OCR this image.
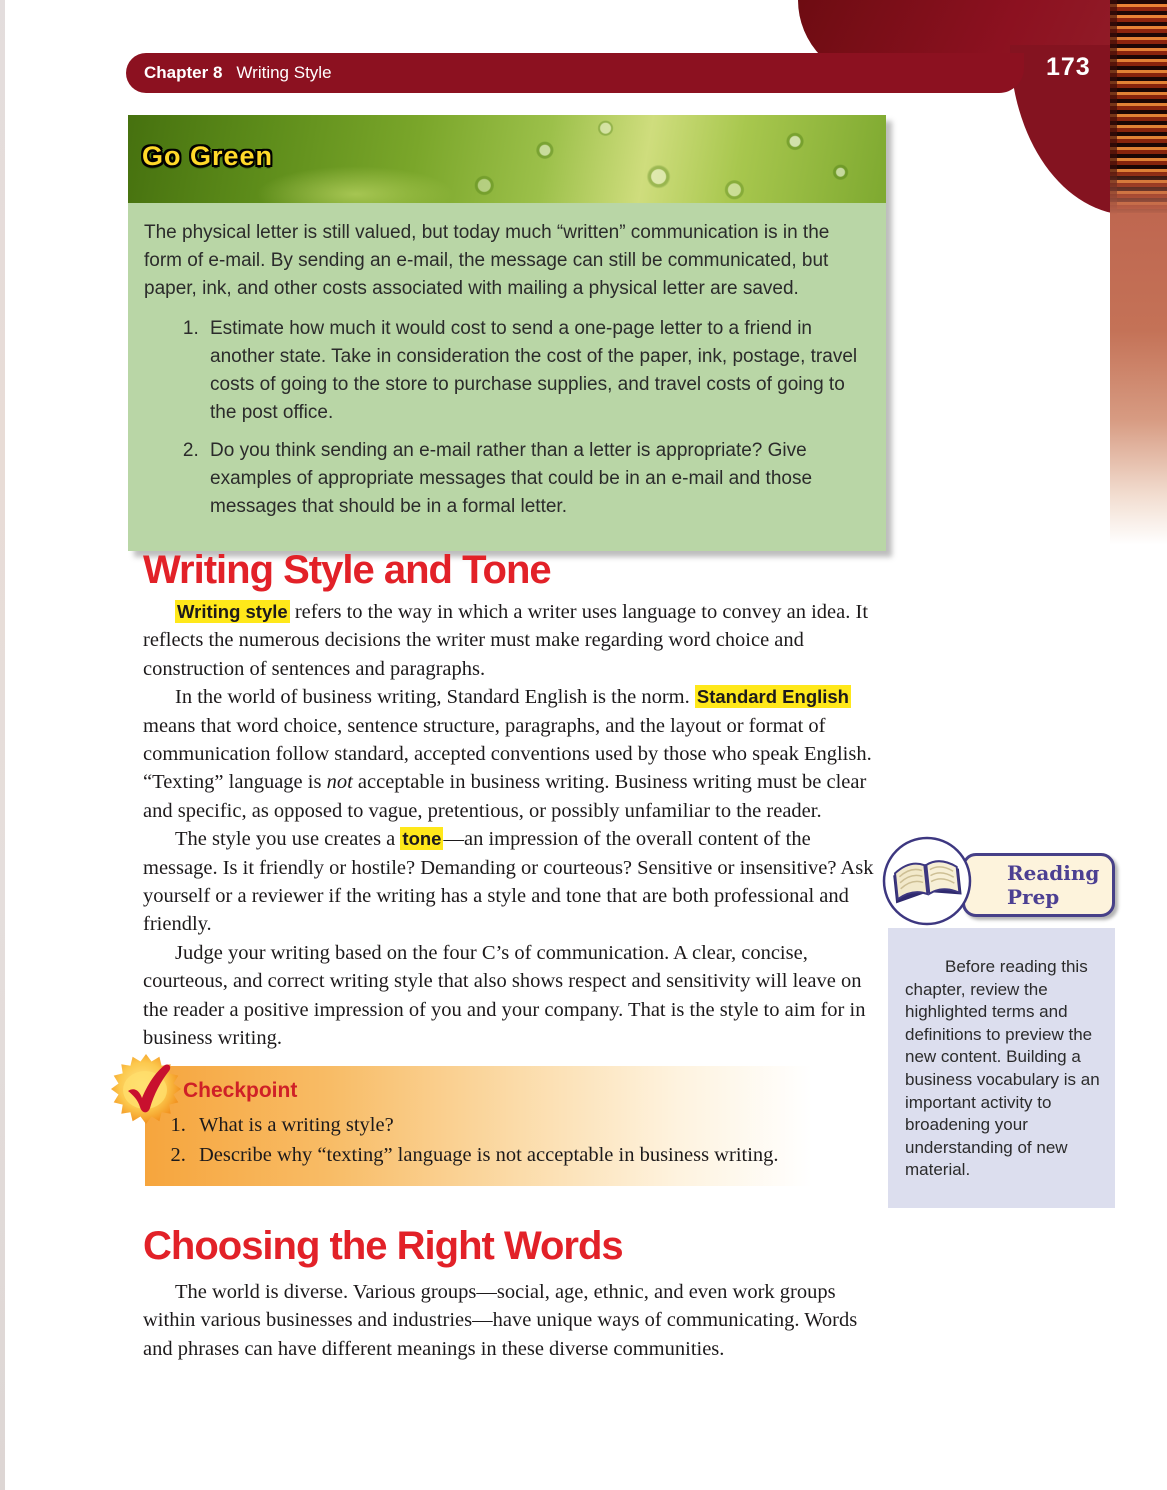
Chapter 8 Writing Style	173
Go Green

The physical letter is still valued, but today much “written” communication is in the form of e-mail. By sending an e-mail, the message can still be communicated, but paper, ink, and other costs associated with mailing a physical letter are saved.

1. Estimate how much it would cost to send a one-page letter to a friend in another state. Take in consideration the cost of the paper, ink, postage, travel costs of going to the store to purchase supplies, and travel costs of going to the post office.
2. Do you think sending an e-mail rather than a letter is appropriate? Give examples of appropriate messages that could be in an e-mail and those messages that should be in a formal letter.
Writing Style and Tone

Writing style refers to the way in which a writer uses language to convey an idea. It reflects the numerous decisions the writer must make regarding word choice and construction of sentences and paragraphs.

In the world of business writing, Standard English is the norm. Standard English means that word choice, sentence structure, paragraphs, and the layout or format of communication follow standard, accepted conventions used by those who speak English. “Texting” language is not acceptable in business writing. Business writing must be clear and specific, as opposed to vague, pretentious, or possibly unfamiliar to the reader.

The style you use creates a tone—an impression of the overall content of the message. Is it friendly or hostile? Demanding or courteous? Sensitive or insensitive? Ask yourself or a reviewer if the writing has a style and tone that are both professional and friendly.

Judge your writing based on the four C’s of communication. A clear, concise, courteous, and correct writing style that also shows respect and sensitivity will leave on the reader a positive impression of you and your company. That is the style to aim for in business writing.

Checkpoint
1. What is a writing style?
2. Describe why “texting” language is not acceptable in business writing.
Reading
Prep

Before reading this chapter, review the highlighted terms and definitions to preview the new content. Building a business vocabulary is an important activity to broadening your understanding of new material.

Choosing the Right Words

The world is diverse. Various groups—social, age, ethnic, and even work groups within various businesses and industries—have unique ways of communicating. Words and phrases can have different meanings in these diverse communities.
